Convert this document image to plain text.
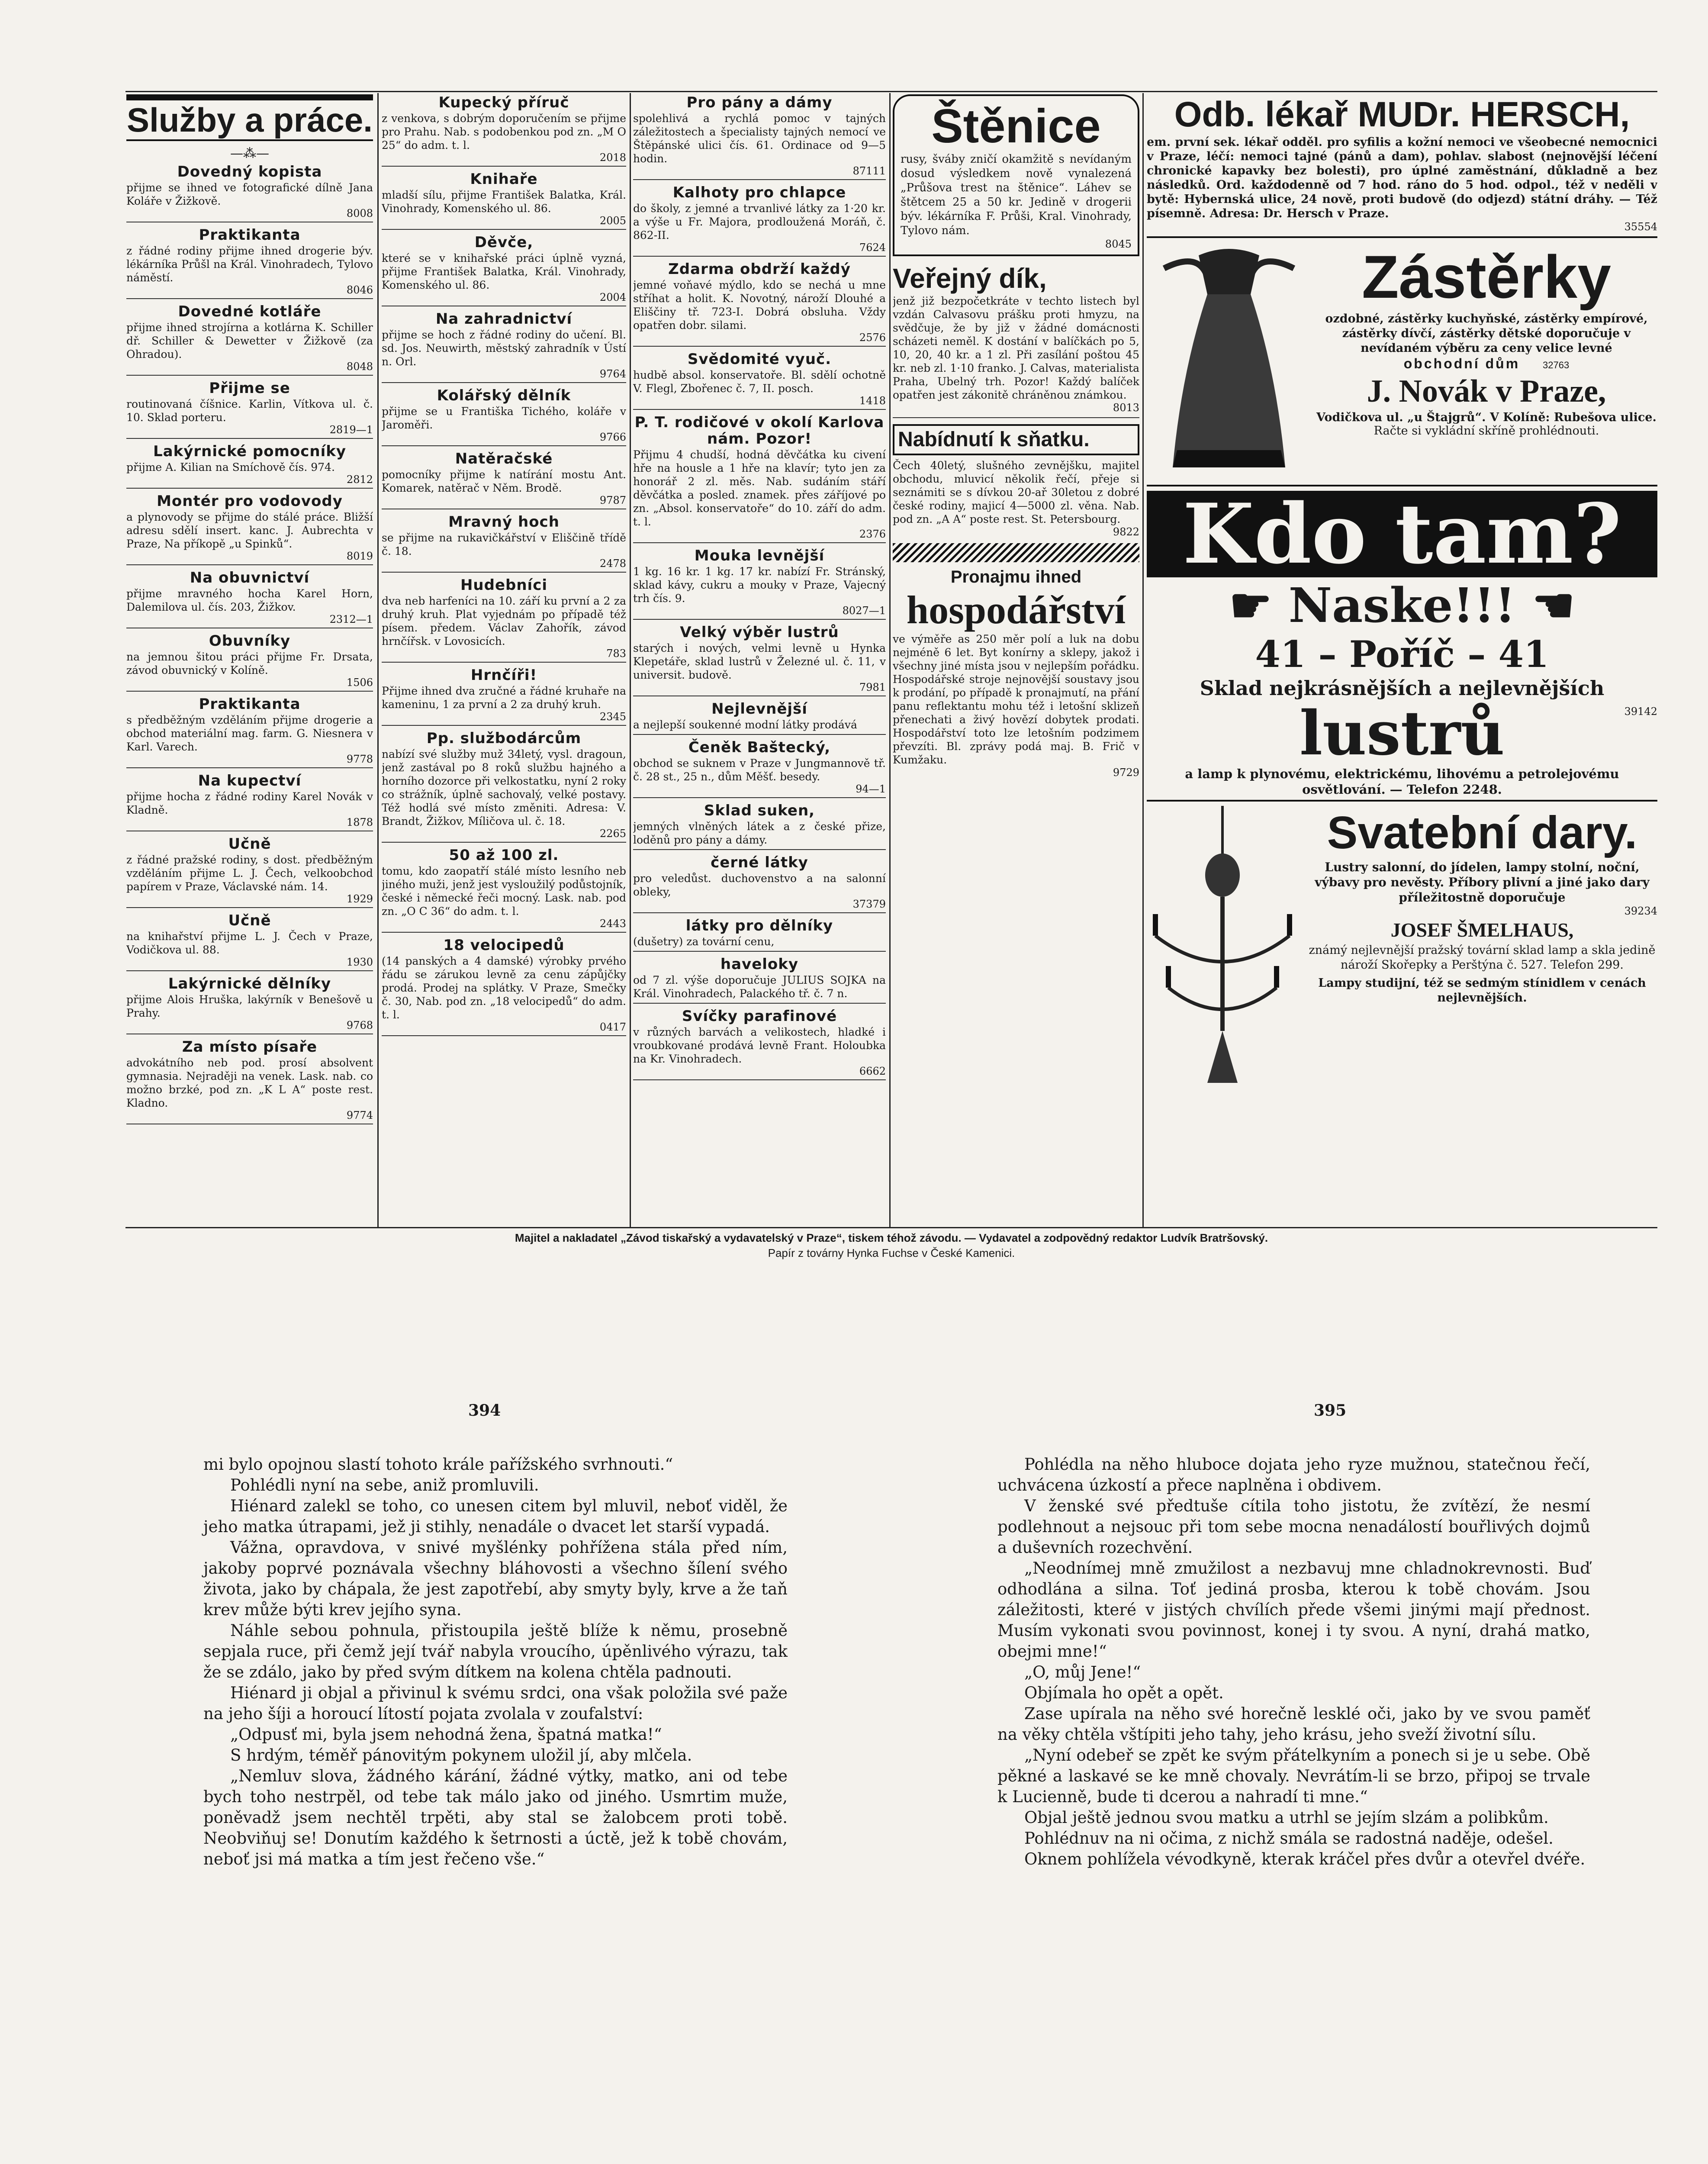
Služby a práce.
—⁂—
Dovedný kopista

přijme se ihned ve fotografické dílně Jana Kolářе v Žižkově.

8008
Praktikanta

z řádné rodiny přijme ihned drogerie býv. lékárníka Průšl na Král. Vinohradech, Tylovo náměstí.

8046
Dovedné kotláře

přijme ihned strojírna a kotlárna K. Schiller dř. Schiller & Dewetter v Žižkově (za Ohradou).

8048
Přijme se

routinovaná číšnice. Karlin, Vítkova ul. č. 10. Sklad porteru.

2819—1
Lakýrnické pomocníky

přijme A. Kilian na Smíchově čís. 974.

2812
Montér pro vodovody

a plynovody se přijme do stálé práce. Bližší adresu sdělí insert. kanc. J. Aubrechta v Praze, Na příkopě „u Spinků“.

8019
Na obuvnictví

přijme mravného hocha Karel Horn, Dalemilova ul. čís. 203, Žižkov.

2312—1
Obuvníky

na jemnou šitou práci přijme Fr. Drsata, závod obuvnický v Kolíně.

1506
Praktikanta

s předběžným vzděláním přijme drogerie a obchod materiální mag. farm. G. Niesnera v Karl. Varech.

9778
Na kupectví

přijme hocha z řádné rodiny Karel Novák v Kladně.

1878
Učně

z řádné pražské rodiny, s dost. předběžným vzděláním přijme L. J. Čech, velkoobchod papírem v Praze, Václavské nám. 14.

1929
Učně

na knihařství přijme L. J. Čech v Praze, Vodičkova ul. 88.

1930
Lakýrnické dělníky

přijme Alois Hruška, lakýrník v Benešově u Prahy.

9768
Za místo písaře

advokátního neb pod. prosí absolvent gymnasia. Nejraději na venek. Lask. nab. co možno brzké, pod zn. „K L A“ poste rest. Kladno.

9774
Kupecký příruč

z venkova, s dobrým doporučením se přijme pro Prahu. Nab. s podobenkou pod zn. „M O 25“ do adm. t. l.

2018
Knihaře

mladší sílu, přijme František Balatka, Král. Vinohrady, Komenského ul. 86.

2005
Děvče,

které se v knihařské práci úplně vyzná, přijme František Balatka, Král. Vinohrady, Komenského ul. 86.

2004
Na zahradnictví

přijme se hoch z řádné rodiny do učení. Bl. sd. Jos. Neuwirth, městský zahradník v Ústí n. Orl.

9764
Kolářský dělník

přijme se u Františka Tichého, koláře v Jaroměři.

9766
Natěračské

pomocníky přijme k natírání mostu Ant. Komarek, natěrač v Něm. Brodě.

9787
Mravný hoch

se přijme na rukavičkářství v Eliščině třídě č. 18.

2478
Hudebníci

dva neb harfeníci na 10. září ku první a 2 za druhý kruh. Plat vyjednám po případě též písem. předem. Václav Zahořík, závod hrnčířsk. v Lovosicích.

783
Hrnčíři!

Přijme ihned dva zručné a řádné kruhaře na kameninu, 1 za první a 2 za druhý kruh.

2345
Pp. službodárcům

nabízí své služby muž 34letý, vysl. dragoun, jenž zastával po 8 roků službu hajného a horního dozorce při velkostatku, nyní 2 roky co strážník, úplně sachovalý, velké postavy. Též hodlá své místo změniti. Adresa: V. Brandt, Žižkov, Míličova ul. č. 18.

2265
50 až 100 zl.

tomu, kdo zaopatří stálé místo lesního neb jiného muži, jenž jest vysloužilý podůstojník, české i německé řeči mocný. Lask. nab. pod zn. „O C 36“ do adm. t. l.

2443
18 velocipedů

(14 panských a 4 damské) výrobky prvého řádu se zárukou levně za cenu zápůjčky prodá. Prodej na splátky. V Praze, Smečky č. 30, Nab. pod zn. „18 velocipedů“ do adm. t. l.

0417
Pro pány a dámy

spolehlivá a rychlá pomoc v tajných záležitostech a špecialisty tajných nemocí ve Štěpánské ulici čís. 61. Ordinace od 9—5 hodin.

87111
Kalhoty pro chlapce

do školy, z jemné a trvanlivé látky za 1·20 kr. a výše u Fr. Majora, prodloužená Moráň, č. 862-II.

7624
Zdarma obdrží každý

jemné voňavé mýdlo, kdo se nechá u mne stříhat a holit. K. Novotný, nároží Dlouhé a Eliščiny tř. 723-I. Dobrá obsluha. Vždy opatřen dobr. silami.

2576
Svědomité vyuč.

hudbě absol. konservatoře. Bl. sdělí ochotně V. Flegl, Zbořenec č. 7, II. posch.

1418
P. T. rodičové v okolí Karlova nám. Pozor!

Přijmu 4 chudší, hodná děvčátka ku civení hře na housle a 1 hře na klavír; tyto jen za honorář 2 zl. měs. Nab. sudáním stáří děvčátka a posled. znamek. přes záříjové po zn. „Absol. konservatoře“ do 10. září do adm. t. l.

2376
Mouka levnější

1 kg. 16 kr. 1 kg. 17 kr. nabízí Fr. Stránský, sklad kávy, cukru a mouky v Praze, Vajecný trh čís. 9.

8027—1
Velký výběr lustrů

starých i nových, velmi levně u Hynka Klepetáře, sklad lustrů v Železné ul. č. 11, v universit. budově.

7981
Nejlevnější

a nejlepší soukenné modní látky prodává

Čeněk Baštecký,

obchod se suknem v Praze v Jungmannově tř. č. 28 st., 25 n., dům Měšť. besedy.

94—1
Sklad suken,

jemných vlněných látek a z české přize, loděnů pro pány a dámy.

černé látky

pro veledůst. duchovenstvo a na salonní obleky,

37379
látky pro dělníky

(dušetry) za tovární cenu,

havelоky

od 7 zl. výše doporučuje JULIUS SOJKA na Král. Vinohradech, Palackého tř. č. 7 n.

Svíčky parafinové

v různých barvách a velikostech, hladké i vroubkované prodává levně Frant. Holoubka na Kr. Vinohradech.

6662
Štěnice

rusy, švábу zničí okamžitě s nevídaným dosud výsledkem nově vynalezená „Průšova trest na štěnice“. Láhev se štětcem 25 a 50 kr. Jedině v drogerii býv. lékárníka F. Průši, Kral. Vinohrady, Tylovo nám.

8045
Veřejný dík,

jenž již bezpočetkráte v techto listech byl vzdán Calvasovu prášku proti hmyzu, na svědčuje, že by již v žádné domácnosti scházeti neměl. K dostání v balíčkách po 5, 10, 20, 40 kr. a 1 zl. Při zasílání poštou 45 kr. neb zl. 1·10 franko. J. Calvas, materialista Praha, Ubelný trh. Pozor! Každý balíček opatřen jest zákonitě chráněnou známkou.

8013
Nabídnutí k sňatku.

Čech 40letý, slušného zevnějšku, majitel obchodu, mluvicí několik řečí, přeje si seznámiti se s dívkou 20-ař 30letou z dobré české rodiny, majicí 4—5000 zl. věna. Nab. pod zn. „A A“ poste rest. St. Petersbourg.

9822
Pronajmu ihned
hospodářství

ve výměře as 250 měr polí a luk na dobu nejméně 6 let. Byt konírny a sklepy, jakož i všechny jiné místa jsou v nejlepším pořádku. Hospodářské stroje nejnovější soustavy jsou k prodání, po případě k pronajmutí, na přání panu reflektantu mohu též i letošní sklizeň přenechati a živý hovězí dobytek prodati. Hospodářství toto lze letošním podzimem převzíti. Bl. zprávy podá maj. B. Frič v Kumžaku.

9729
Odb. lékař MUDr. HERSCH,

em. první sek. lékař odděl. pro syfilis a kožní nemoci ve všeobecné nemocnici v Praze, léčí: nemoci tajné (pánů a dam), pohlav. slabost (nejnovější léčení chronické kapavky bez bolesti), pro úplné zaměstnání, důkladně a bez následků. Ord. každodenně od 7 hod. ráno do 5 hod. odpol., též v neděli v bytě: Hybernská ulice, 24 nově, proti budově (do odjezd) státní dráhy. — Též písemně. Adresa: Dr. Hersch v Praze.

35554
Zástěrky

ozdobné, zástěrky kuchyňské, zástěrky empírové, zástěrky dívčí, zástěrky dětské doporučuje v nevídaném výběru za ceny velice levné

obchodní dům 32763
J. Novák v Praze,
Vodičkova ul. „u Štajgrů“. V Kolíně: Rubešova ulice.
Račte si vykládní skříně prohlédnouti.
Kdo tam?
☛ Naske!!! ☚
41 – Poříč – 41
Sklad nejkrásnějších a nejlevnějších
lustrů	39142

a lamp k plynovému, elektrickému, lihovému a petrolejovému osvětlování. — Telefon 2248.

Svatební dary.

Lustry salonní, do jídelen, lampy stolní, noční, výbavy pro nevěsty. Příbory plivní a jiné jako dary příležitostně doporučuje

39234
JOSEF ŠMELHAUS,

známý nejlevnější pražský tovární sklad lamp a skla jedině nároží Skořepky a Perštýna č. 527. Telefon 299.

Lampy studijní, též se sedmým stínidlem v cenách nejlevnějších.

Majitel a nakladatel „Závod tiskařský a vydavatelský v Praze“, tiskem téhož závodu. — Vydavatel a zodpovědný redaktor Ludvík Bratršovský.
Papír z továrny Hynka Fuchse v České Kamenici.
394	395

mi bylo opojnou slastí tohoto krále pařížského svrhnouti.“

Pohlédli nyní na sebe, aniž promluvili.

Hiénard zalekl se toho, co unesen citem byl mluvil, neboť viděl, že jeho matka útrapami, jež ji stihly, nenadále o dvacet let starší vypadá.

Vážna, opravdova, v snivé myšlénky pohřížena stála před ním, jakoby poprvé poznávala všechny bláhovosti a všechno šílení svého života, jako by chápala, že jest zapotřebí, aby smyty byly, krve a že taň krev může býti krev jejího syna.

Náhle sebou pohnula, přistoupila ještě blíže k němu, prosebně sepjala ruce, při čemž její tvář nabyla vroucího, úpěnlivého výrazu, tak že se zdálo, jako by před svým dítkem na kolena chtěla padnouti.

Hiénard ji objal a přivinul k svému srdci, ona však položila své paže na jeho šíji a horoucí lítostí pojata zvolala v zoufalství:

„Odpusť mi, byla jsem nehodná žena, špatná matka!“

S hrdým, téměř pánovitým pokynem uložil jí, aby mlčela.

„Nemluv slova, žádného kárání, žádné výtky, matko, ani od tebe bych toho nestrpěl, od tebe tak málo jako od jiného. Usmrtim muže, poněvadž jsem nechtěl trpěti, aby stal se žalobcem proti tobě. Neobviňuj se! Donutím každého k šetrnosti a úctě, jež k tobě chovám, neboť jsi má matka a tím jest řečeno vše.“

Pohlédla na něho hluboce dojata jeho ryze mužnou, statečnou řečí, uchvácena úzkostí a přece naplněna i obdivem.

V ženské své předtuše cítila toho jistotu, že zvítězí, že nesmí podlehnout a nejsouc při tom sebe mocna nenadálostí bouřlivých dojmů a duševních rozechvění.

„Neodnímej mně zmužilost a nezbavuj mne chladnokrevnosti. Buď odhodlána a silna. Toť jediná prosba, kterou k tobě chovám. Jsou záležitosti, které v jistých chvílích přede všemi jinými mají přednost. Musím vykonati svou povinnost, konej i ty svou. A nyní, drahá matko, obejmi mne!“

„O, můj Jene!“

Objímala ho opět a opět.

Zase upírala na něho své horečně lesklé oči, jako by ve svou paměť na věky chtěla vštípiti jeho tahy, jeho krásu, jeho sveží životní sílu.

„Nyní odebeř se zpět ke svým přátelkyním a ponech si je u sebe. Obě pěkné a laskavé se ke mně chovaly. Nevrátím-li se brzo, připoj se trvale k Lucienně, bude ti dcerou a nahradí ti mne.“

Objal ještě jednou svou matku a utrhl se jejím slzám a polibkům.

Pohlédnuv na ni očima, z nichž smála se radostná naděje, odešel.

Oknem pohlížela vévodkyně, kterak kráčel přes dvůr a otevřel dvéře.
